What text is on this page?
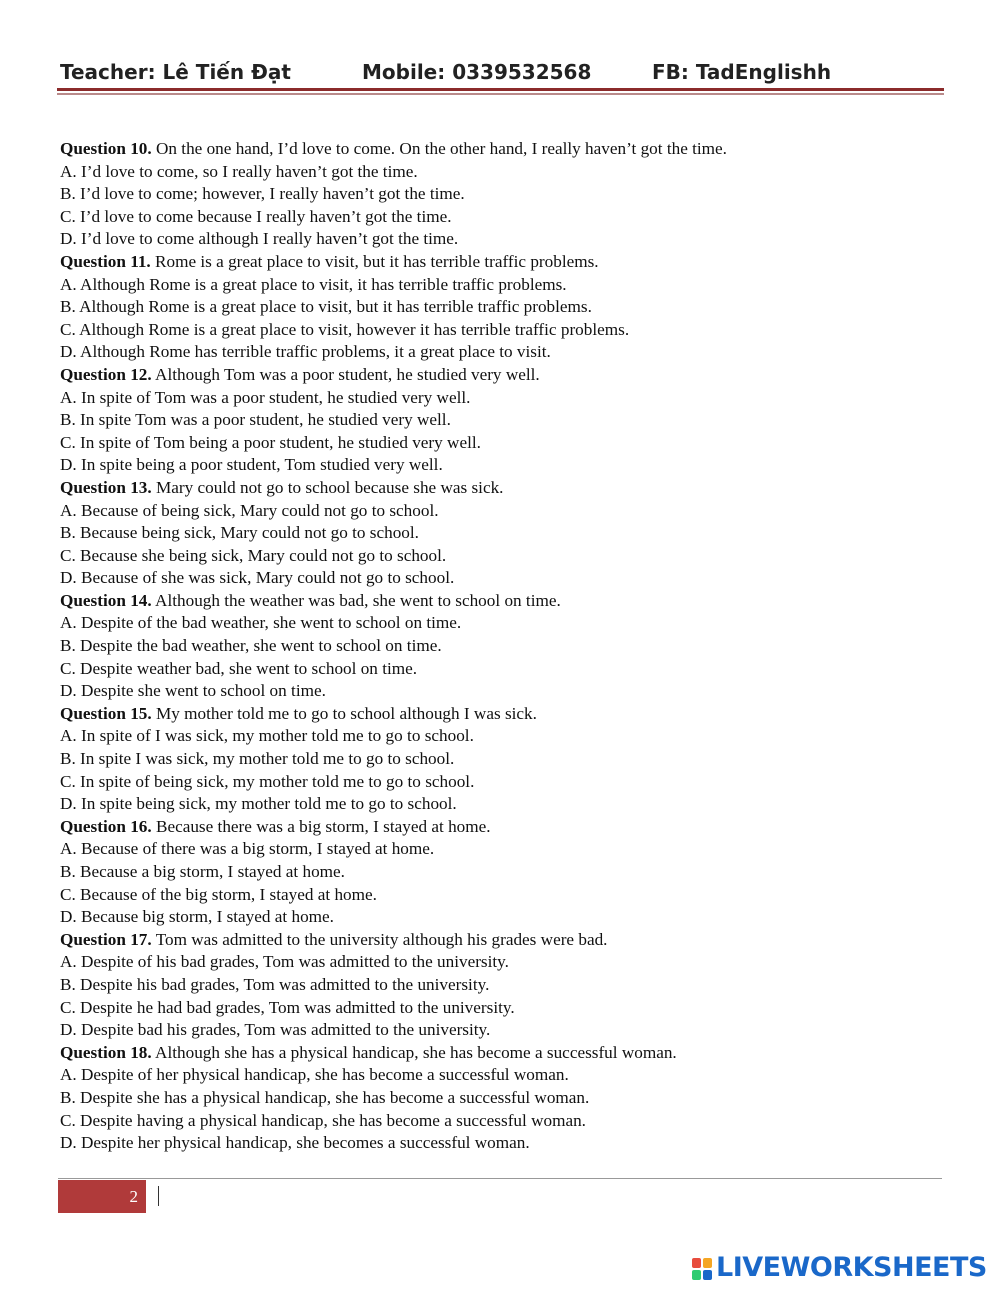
Teacher: Lê Tiến Đạt	Mobile: 0339532568	FB: TadEnglishh
Question 10. On the one hand, I’d love to come. On the other hand, I really haven’t got the time.
A. I’d love to come, so I really haven’t got the time.
B. I’d love to come; however, I really haven’t got the time.
C. I’d love to come because I really haven’t got the time.
D. I’d love to come although I really haven’t got the time.
Question 11. Rome is a great place to visit, but it has terrible traffic problems.
A. Although Rome is a great place to visit, it has terrible traffic problems.
B. Although Rome is a great place to visit, but it has terrible traffic problems.
C. Although Rome is a great place to visit, however it has terrible traffic problems.
D. Although Rome has terrible traffic problems, it a great place to visit.
Question 12. Although Tom was a poor student, he studied very well.
A. In spite of Tom was a poor student, he studied very well.
B. In spite Tom was a poor student, he studied very well.
C. In spite of Tom being a poor student, he studied very well.
D. In spite being a poor student, Tom studied very well.
Question 13. Mary could not go to school because she was sick.
A. Because of being sick, Mary could not go to school.
B. Because being sick, Mary could not go to school.
C. Because she being sick, Mary could not go to school.
D. Because of she was sick, Mary could not go to school.
Question 14. Although the weather was bad, she went to school on time.
A. Despite of the bad weather, she went to school on time.
B. Despite the bad weather, she went to school on time.
C. Despite weather bad, she went to school on time.
D. Despite she went to school on time.
Question 15. My mother told me to go to school although I was sick.
A. In spite of I was sick, my mother told me to go to school.
B. In spite I was sick, my mother told me to go to school.
C. In spite of being sick, my mother told me to go to school.
D. In spite being sick, my mother told me to go to school.
Question 16. Because there was a big storm, I stayed at home.
A. Because of there was a big storm, I stayed at home.
B. Because a big storm, I stayed at home.
C. Because of the big storm, I stayed at home.
D. Because big storm, I stayed at home.
Question 17. Tom was admitted to the university although his grades were bad.
A. Despite of his bad grades, Tom was admitted to the university.
B. Despite his bad grades, Tom was admitted to the university.
C. Despite he had bad grades, Tom was admitted to the university.
D. Despite bad his grades, Tom was admitted to the university.
Question 18. Although she has a physical handicap, she has become a successful woman.
A. Despite of her physical handicap, she has become a successful woman.
B. Despite she has a physical handicap, she has become a successful woman.
C. Despite having a physical handicap, she has become a successful woman.
D. Despite her physical handicap, she becomes a successful woman.
2
LIVEWORKSHEETS
